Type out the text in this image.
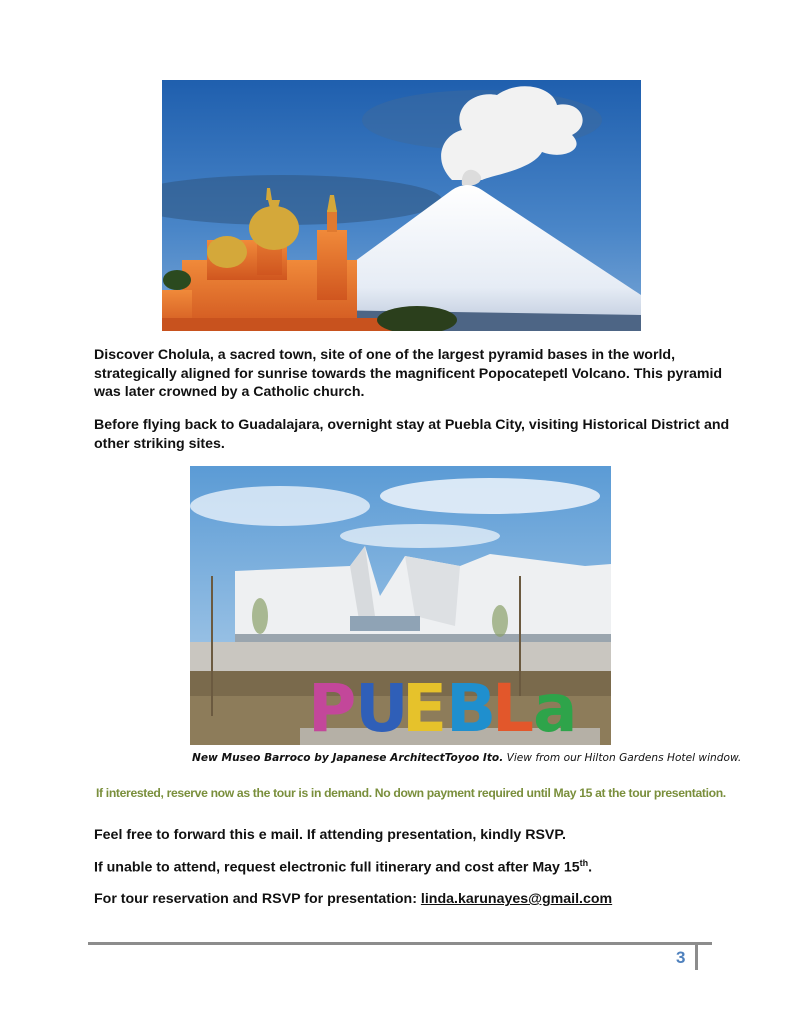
Discover Cholula, a sacred town, site of one of the largest pyramid bases in the world, strategically aligned for sunrise towards the magnificent Popocatepetl Volcano. This pyramid was later crowned by a Catholic church.
Before flying back to Guadalajara, overnight stay at Puebla City, visiting Historical District and other striking sites.
P
U
E
B
L
a
New Museo Barroco by Japanese ArchitectToyoo Ito. View from our Hilton Gardens Hotel window.
If interested, reserve now as the tour is in demand. No down payment required until May 15 at the tour presentation.
Feel free to forward this e mail. If attending presentation, kindly RSVP.
If unable to attend, request electronic full itinerary and cost after May 15th.
For tour reservation and RSVP for presentation: linda.karunayes@gmail.com
3
